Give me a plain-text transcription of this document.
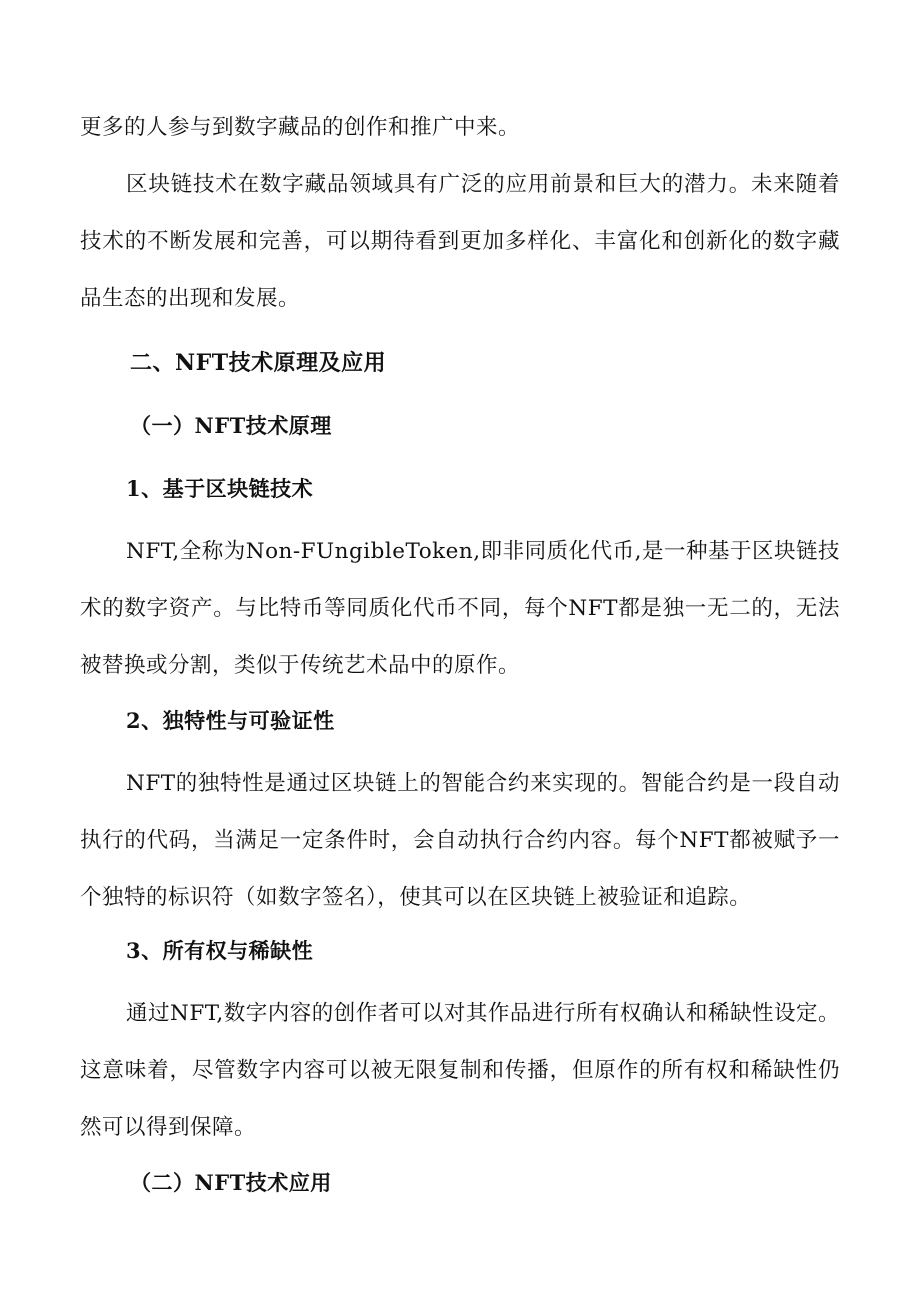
更多的人参与到数字藏品的创作和推广中来。

区块链技术在数字藏品领域具有广泛的应用前景和巨大的潜力。未来随着技术的不断发展和完善，可以期待看到更加多样化、丰富化和创新化的数字藏品生态的出现和发展。

二、NFT技术原理及应用
（一）NFT技术原理
1、基于区块链技术

NFT,全称为Non-FUngibleToken,即非同质化代币,是一种基于区块链技术的数字资产。与比特币等同质化代币不同，每个NFT都是独一无二的，无法被替换或分割，类似于传统艺术品中的原作。

2、独特性与可验证性

NFT的独特性是通过区块链上的智能合约来实现的。智能合约是一段自动执行的代码，当满足一定条件时，会自动执行合约内容。每个NFT都被赋予一个独特的标识符（如数字签名），使其可以在区块链上被验证和追踪。

3、所有权与稀缺性

通过NFT,数字内容的创作者可以对其作品进行所有权确认和稀缺性设定。这意味着，尽管数字内容可以被无限复制和传播，但原作的所有权和稀缺性仍然可以得到保障。

（二）NFT技术应用
